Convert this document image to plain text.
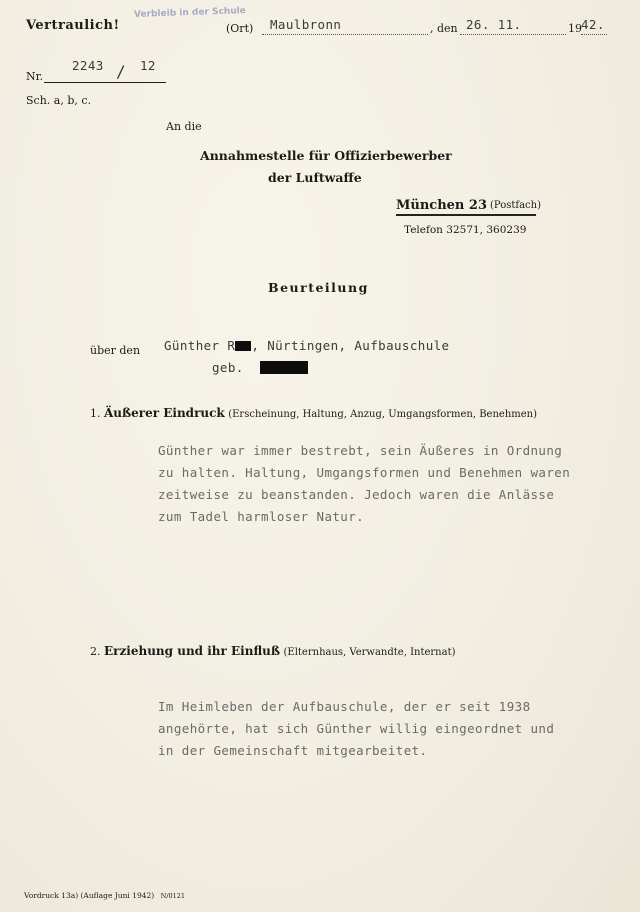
Vertraulich!
Verbleib in der Schule
(Ort) Maulbronn	, den 26. 11.	19 42.
Nr.
2243 / 12
Sch. a, b, c.
An die
Annahmestelle für Offizierbewerber
der Luftwaffe
München 23 (Postfach)
Telefon 32571, 360239
Beurteilung
über den Günther R , Nürtingen, Aufbauschule
geb.
1. Äußerer Eindruck (Erscheinung, Haltung, Anzug, Umgangsformen, Benehmen)
Günther war immer bestrebt, sein Äußeres in Ordnung
zu halten. Haltung, Umgangsformen und Benehmen waren
zeitweise zu beanstanden. Jedoch waren die Anlässe
zum Tadel harmloser Natur.
2. Erziehung und ihr Einfluß (Elternhaus, Verwandte, Internat)
Im Heimleben der Aufbauschule, der er seit 1938
angehörte, hat sich Günther willig eingeordnet und
in der Gemeinschaft mitgearbeitet.
Vordruck 13a) (Auflage Juni 1942) N/0121
